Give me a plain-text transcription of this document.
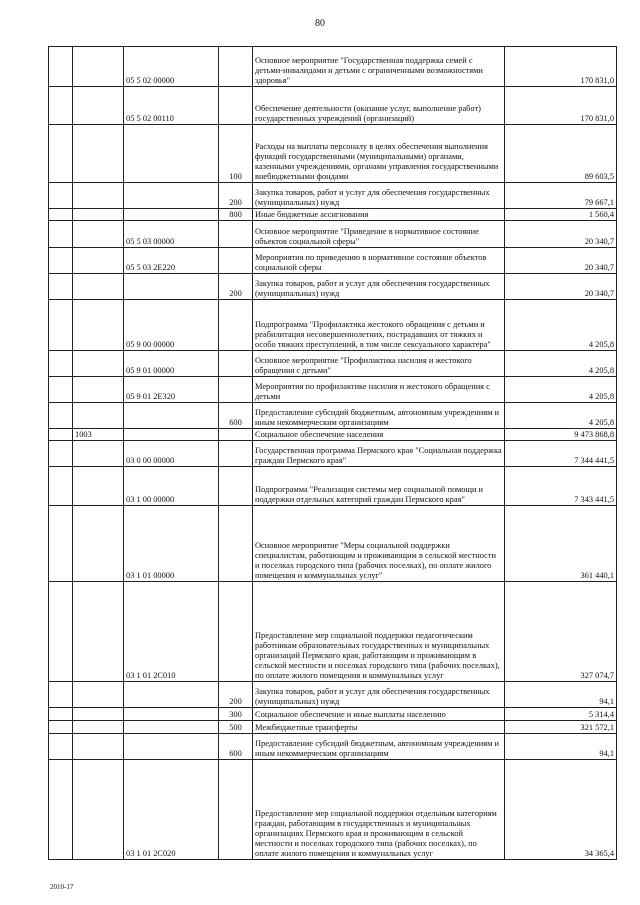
80
		05 5 02 00000		Основное мероприятие "Государственная поддержка семей с детьми-инвалидами и детьми с ограниченными возможностями здоровья"	170 831,0
		05 5 02 00110		Обеспечение деятельности (оказание услуг, выполнение работ) государственных учреждений (организаций)	170 831,0
			100	Расходы на выплаты персоналу в целях обеспечения выполнения функций государственными (муниципальными) органами, казенными учреждениями, органами управления государственными внебюджетными фондами	89 603,5
			200	Закупка товаров, работ и услуг для обеспечения государственных (муниципальных) нужд	79 667,1
			800	Иные бюджетные ассигнования	1 560,4
		05 5 03 00000		Основное мероприятие "Приведение в нормативное состояние объектов социальной сферы"	20 340,7
		05 5 03 2Е220		Мероприятия по приведению в нормативное состояние объектов социальной сферы	20 340,7
			200	Закупка товаров, работ и услуг для обеспечения государственных (муниципальных) нужд	20 340,7
		05 9 00 00000		Подпрограмма "Профилактика жестокого обращения с детьми и реабилитация несовершеннолетних, пострадавших от тяжких и особо тяжких преступлений, в том числе сексуального характера"	4 205,8
		05 9 01 00000		Основное мероприятие "Профилактика насилия и жестокого обращения с детьми"	4 205,8
		05 9 01 2Е320		Мероприятия по профилактике насилия и жестокого обращения с детьми	4 205,8
			600	Предоставление субсидий бюджетным, автономным учреждениям и иным некоммерческим организациям	4 205,8
	1003			Социальное обеспечение населения	9 473 868,8
		03 0 00 00000		Государственная программа Пермского края "Социальная поддержка граждан Пермского края"	7 344 441,5
		03 1 00 00000		Подпрограмма "Реализация системы мер социальной помощи и поддержки отдельных категорий граждан Пермского края"	7 343 441,5
		03 1 01 00000		Основное мероприятие "Меры социальной поддержки специалистам, работающим и проживающим в сельской местности и поселках городского типа (рабочих поселках), по оплате жилого помещения и коммунальных услуг"	361 440,1
		03 1 01 2С010		Предоставление мер социальной поддержки педагогическим работникам образовательных государственных и муниципальных организаций Пермского края, работающим и проживающим в сельской местности и поселках городского типа (рабочих поселках), по оплате жилого помещения и коммунальных услуг	327 074,7
			200	Закупка товаров, работ и услуг для обеспечения государственных (муниципальных) нужд	94,1
			300	Социальное обеспечение и иные выплаты населению	5 314,4
			500	Межбюджетные трансферты	321 572,1
			600	Предоставление субсидий бюджетным, автономным учреждениям и иным некоммерческим организациям	94,1
		03 1 01 2С020		Предоставление мер социальной поддержки отдельным категориям граждан, работающим в государственных и муниципальных организациях Пермского края и проживающим в сельской местности и поселках городского типа (рабочих поселках), по оплате жилого помещения и коммунальных услуг	34 365,4
2010-17
